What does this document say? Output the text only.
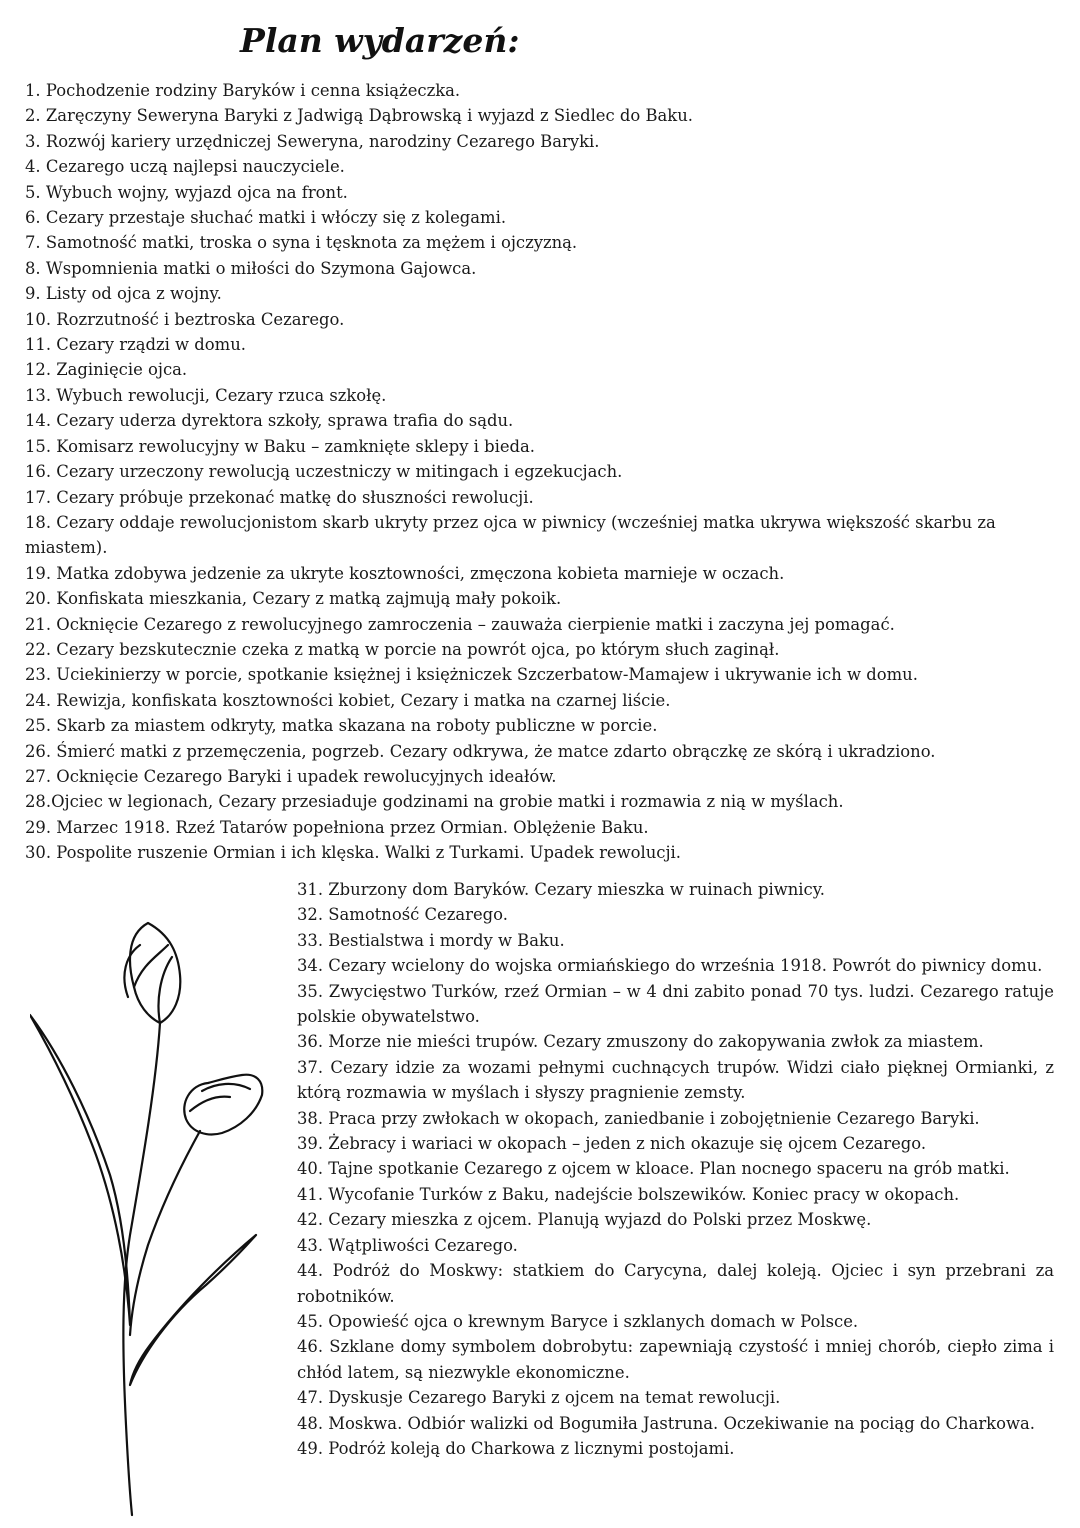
Plan wydarzeń:
1. Pochodzenie rodziny Baryków i cenna książeczka.
2. Zaręczyny Seweryna Baryki z Jadwigą Dąbrowską i wyjazd z Siedlec do Baku.
3. Rozwój kariery urzędniczej Seweryna, narodziny Cezarego Baryki.
4. Cezarego uczą najlepsi nauczyciele.
5. Wybuch wojny, wyjazd ojca na front.
6. Cezary przestaje słuchać matki i włóczy się z kolegami.
7. Samotność matki, troska o syna i tęsknota za mężem i ojczyzną.
8. Wspomnienia matki o miłości do Szymona Gajowca.
9. Listy od ojca z wojny.
10. Rozrzutność i beztroska Cezarego.
11. Cezary rządzi w domu.
12. Zaginięcie ojca.
13. Wybuch rewolucji, Cezary rzuca szkołę.
14. Cezary uderza dyrektora szkoły, sprawa trafia do sądu.
15. Komisarz rewolucyjny w Baku – zamknięte sklepy i bieda.
16. Cezary urzeczony rewolucją uczestniczy w mitingach i egzekucjach.
17. Cezary próbuje przekonać matkę do słuszności rewolucji.
18. Cezary oddaje rewolucjonistom skarb ukryty przez ojca w piwnicy (wcześniej matka ukrywa większość skarbu za miastem).
19. Matka zdobywa jedzenie za ukryte kosztowności, zmęczona kobieta marnieje w oczach.
20. Konfiskata mieszkania, Cezary z matką zajmują mały pokoik.
21. Ocknięcie Cezarego z rewolucyjnego zamroczenia – zauważa cierpienie matki i zaczyna jej pomagać.
22. Cezary bezskutecznie czeka z matką w porcie na powrót ojca, po którym słuch zaginął.
23. Uciekinierzy w porcie, spotkanie księżnej i księżniczek Szczerbatow-Mamajew i ukrywanie ich w domu.
24. Rewizja, konfiskata kosztowności kobiet, Cezary i matka na czarnej liście.
25. Skarb za miastem odkryty, matka skazana na roboty publiczne w porcie.
26. Śmierć matki z przemęczenia, pogrzeb. Cezary odkrywa, że matce zdarto obrączkę ze skórą i ukradziono.
27. Ocknięcie Cezarego Baryki i upadek rewolucyjnych ideałów.
28.Ojciec w legionach, Cezary przesiaduje godzinami na grobie matki i rozmawia z nią w myślach.
29. Marzec 1918. Rzeź Tatarów popełniona przez Ormian. Oblężenie Baku.
30. Pospolite ruszenie Ormian i ich klęska. Walki z Turkami. Upadek rewolucji.
31. Zburzony dom Baryków. Cezary mieszka w ruinach piwnicy.
32. Samotność Cezarego.
33. Bestialstwa i mordy w Baku.
34. Cezary wcielony do wojska ormiańskiego do września 1918. Powrót do piwnicy domu.
35. Zwycięstwo Turków, rzeź Ormian – w 4 dni zabito ponad 70 tys. ludzi. Cezarego ratuje polskie obywatelstwo.
36. Morze nie mieści trupów. Cezary zmuszony do zakopywania zwłok za miastem.
37. Cezary idzie za wozami pełnymi cuchnących trupów. Widzi ciało pięknej Ormianki, z którą rozmawia w myślach i słyszy pragnienie zemsty.
38. Praca przy zwłokach w okopach, zaniedbanie i zobojętnienie Cezarego Baryki.
39. Żebracy i wariaci w okopach – jeden z nich okazuje się ojcem Cezarego.
40. Tajne spotkanie Cezarego z ojcem w kloace. Plan nocnego spaceru na grób matki.
41. Wycofanie Turków z Baku, nadejście bolszewików. Koniec pracy w okopach.
42. Cezary mieszka z ojcem. Planują wyjazd do Polski przez Moskwę.
43. Wątpliwości Cezarego.
44. Podróż do Moskwy: statkiem do Carycyna, dalej koleją. Ojciec i syn przebrani za robotników.
45. Opowieść ojca o krewnym Baryce i szklanych domach w Polsce.
46. Szklane domy symbolem dobrobytu: zapewniają czystość i mniej chorób, ciepło zima i chłód latem, są niezwykle ekonomiczne.
47. Dyskusje Cezarego Baryki z ojcem na temat rewolucji.
48. Moskwa. Odbiór walizki od Bogumiła Jastruna. Oczekiwanie na pociąg do Charkowa.
49. Podróż koleją do Charkowa z licznymi postojami.
